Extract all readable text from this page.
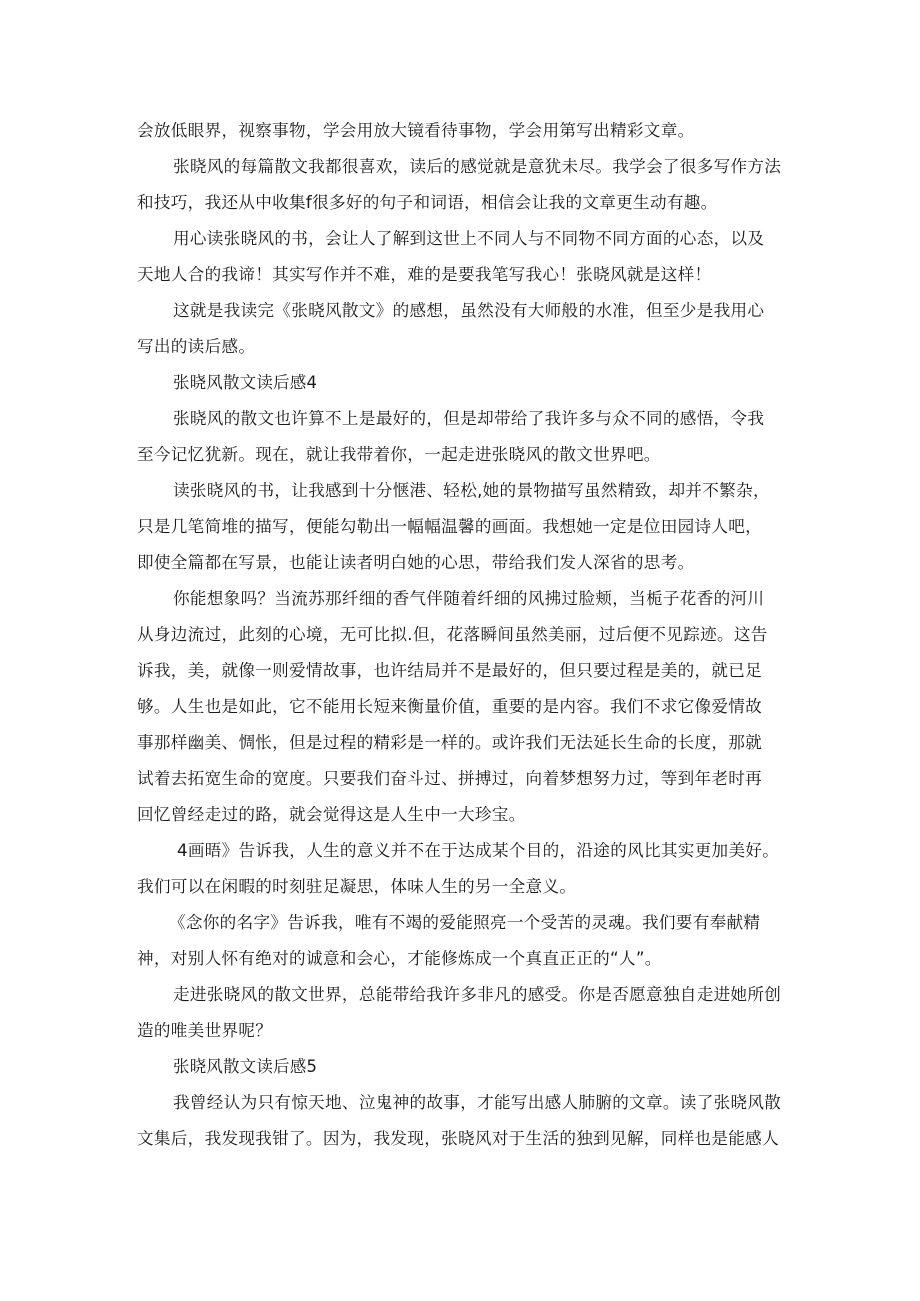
会放低眼界，视察事物，学会用放大镜看待事物，学会用第写出精彩文章。
张晓风的每篇散文我都很喜欢，读后的感觉就是意犹未尽。我学会了很多写作方法
和技巧，我还从中收集f很多好的句子和词语，相信会让我的文章更生动有趣。
用心读张晓风的书，会让人了解到这世上不同人与不同物不同方面的心态，以及
天地人合的我谛！其实写作并不难，难的是要我笔写我心！张晓风就是这样！
这就是我读完《张晓风散文》的感想，虽然没有大师般的水准，但至少是我用心
写出的读后感。
张晓风散文读后感4
张晓风的散文也许算不上是最好的，但是却带给了我许多与众不同的感悟，令我
至今记忆犹新。现在，就让我带着你，一起走进张晓风的散文世界吧。
读张晓风的书，让我感到十分惬港、轻松,她的景物描写虽然精致，却并不繁杂，
只是几笔简堆的描写，便能勾勒出一幅幅温馨的画面。我想她一定是位田园诗人吧，
即使全篇都在写景，也能让读者明白她的心思，带给我们发人深省的思考。
你能想象吗？当流苏那纤细的香气伴随着纤细的风拂过脸颊，当栀子花香的河川
从身边流过，此刻的心境，无可比拟.但，花落瞬间虽然美丽，过后便不见踪迹。这告
诉我，美，就像一则爱情故事，也许结局并不是最好的，但只要过程是美的，就已足
够。人生也是如此，它不能用长短来衡量价值，重要的是内容。我们不求它像爱情故
事那样幽美、惆怅，但是过程的精彩是一样的。或许我们无法延长生命的长度，那就
试着去拓宽生命的宽度。只要我们奋斗过、拼搏过，向着梦想努力过，等到年老时再
回忆曾经走过的路，就会觉得这是人生中一大珍宝。
4画晤》告诉我，人生的意义并不在于达成某个目的，沿途的风比其实更加美好。
我们可以在闲暇的时刻驻足凝思，体味人生的另一全意义。
《念你的名字》告诉我，唯有不竭的爱能照亮一个受苦的灵魂。我们要有奉献精
神，对别人怀有绝对的诚意和会心，才能修炼成一个真直正正的“人”。
走进张晓风的散文世界，总能带给我许多非凡的感受。你是否愿意独自走进她所创
造的唯美世界呢？
张晓风散文读后感5
我曾经认为只有惊天地、泣鬼神的故事，才能写出感人肺腑的文章。读了张晓风散
文集后，我发现我钳了。因为，我发现，张晓风对于生活的独到见解，同样也是能感人
